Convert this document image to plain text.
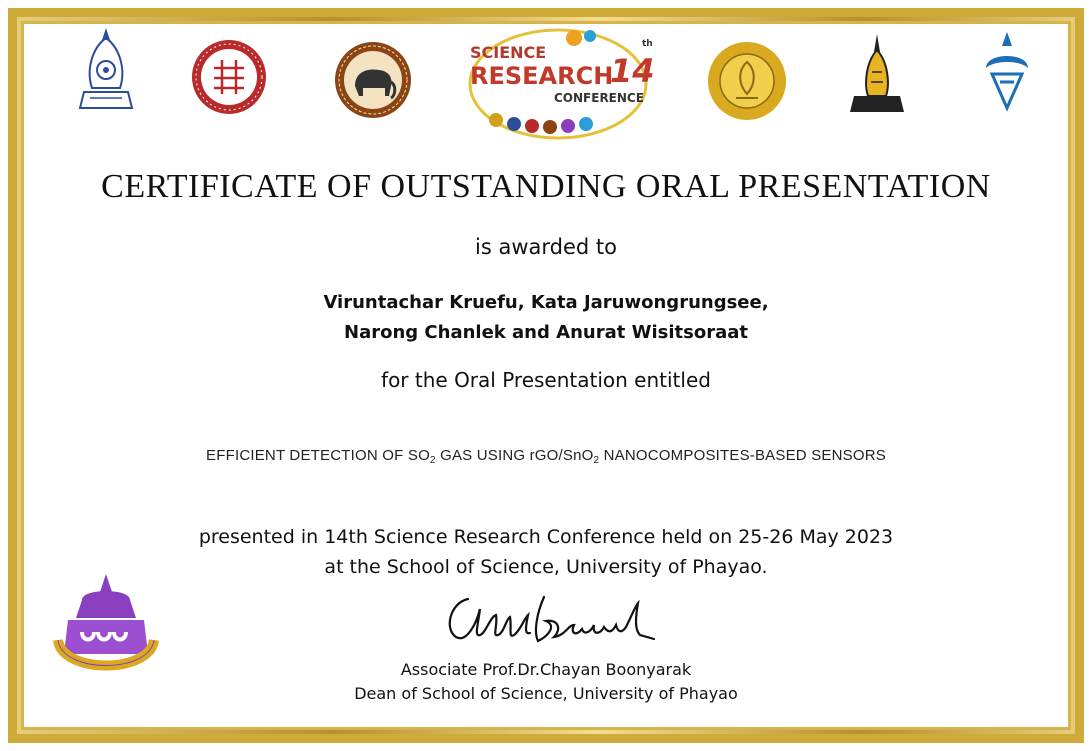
SCIENCE
RESEARCH
14
th
CONFERENCE
CERTIFICATE OF OUTSTANDING ORAL PRESENTATION
is awarded to
Viruntachar Kruefu, Kata Jaruwongrungsee,
Narong Chanlek and Anurat Wisitsoraat
for the Oral Presentation entitled
EFFICIENT DETECTION OF $SO_2$ GAS USING rGO/SnO$_2$ NANOCOMPOSITES-BASED SENSORS
presented in 14th Science Research Conference held on 25-26 May 2023
at the School of Science, University of Phayao.
Associate Prof.Dr.Chayan Boonyarak
Dean of School of Science, University of Phayao
